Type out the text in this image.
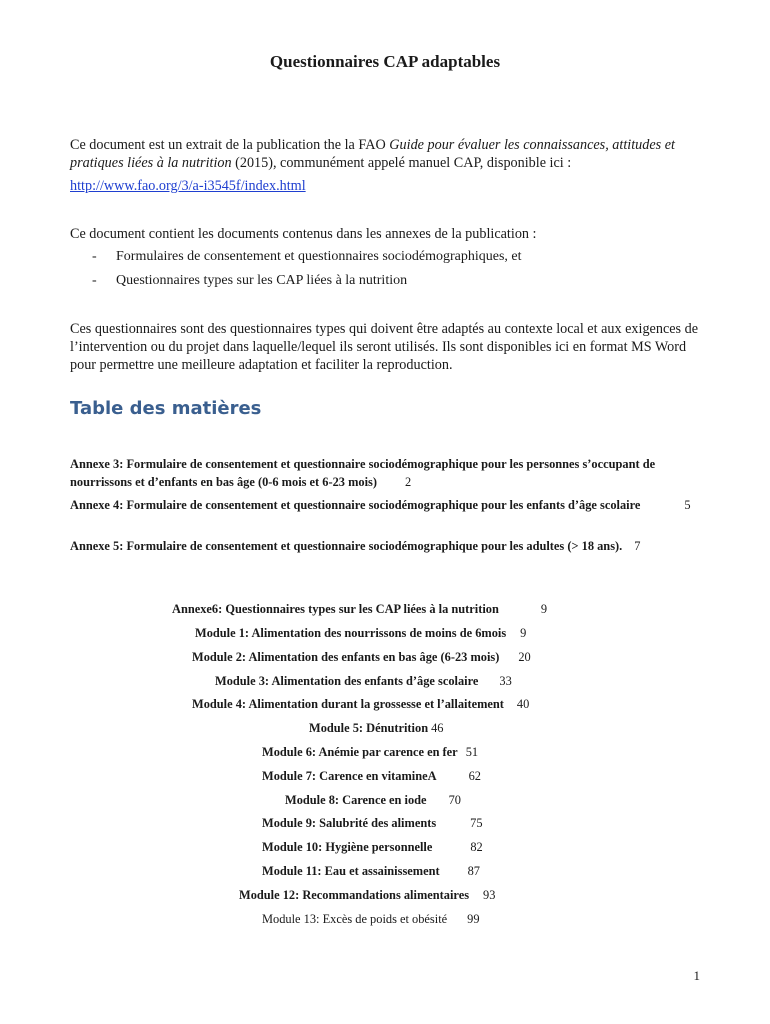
Questionnaires CAP adaptables
Ce document est un extrait de la publication the la FAO Guide pour évaluer les connaissances, attitudes et pratiques liées à la nutrition (2015), communément appelé manuel CAP, disponible ici :
http://www.fao.org/3/a-i3545f/index.html
Ce document contient les documents contenus dans les annexes de la publication :
- Formulaires de consentement et questionnaires sociodémographiques, et
- Questionnaires types sur les CAP liées à la nutrition
Ces questionnaires sont des questionnaires types qui doivent être adaptés au contexte local et aux exigences de l’intervention ou du projet dans laquelle/lequel ils seront utilisés. Ils sont disponibles ici en format MS Word pour permettre une meilleure adaptation et faciliter la reproduction.
Table des matières
Annexe 3: Formulaire de consentement et questionnaire sociodémographique pour les personnes s’occupant de nourrissons et d’enfants en bas âge (0-6 mois et 6-23 mois) 2
Annexe 4: Formulaire de consentement et questionnaire sociodémographique pour les enfants d’âge scolaire	5
Annexe 5: Formulaire de consentement et questionnaire sociodémographique pour les adultes (> 18 ans). 7
Annexe6: Questionnaires types sur les CAP liées à la nutrition	9
Module 1: Alimentation des nourrissons de moins de 6mois 9
Module 2: Alimentation des enfants en bas âge (6-23 mois) 20
Module 3: Alimentation des enfants d’âge scolaire 33
Module 4: Alimentation durant la grossesse et l’allaitement 40
Module 5: Dénutrition 46
Module 6: Anémie par carence en fer 51
Module 7: Carence en vitamineA	62
Module 8: Carence en iode 70
Module 9: Salubrité des aliments	75
Module 10: Hygiène personnelle	82
Module 11: Eau et assainissement 87
Module 12: Recommandations alimentaires 93
Module 13: Excès de poids et obésité 99
1
